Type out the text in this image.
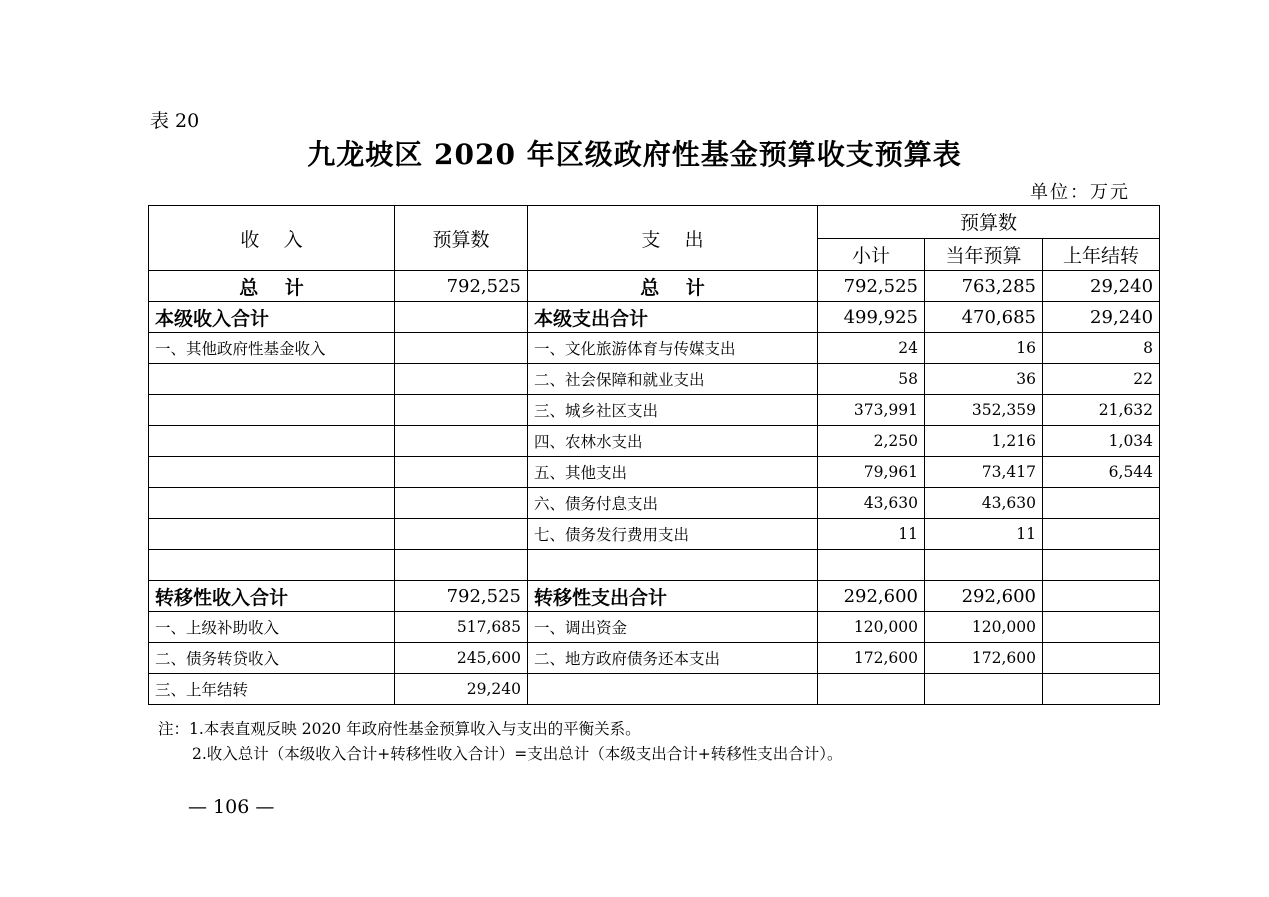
表 20
九龙坡区 2020 年区级政府性基金预算收支预算表
单位：万元
收    入	预算数	支    出	预算数		
			小计	当年预算	上年结转
总    计	792,525	总    计	792,525	763,285	29,240
本级收入合计		本级支出合计	499,925	470,685	29,240
一、其他政府性基金收入		一、文化旅游体育与传媒支出	24	16	8
		二、社会保障和就业支出	58	36	22
		三、城乡社区支出	373,991	352,359	21,632
		四、农林水支出	2,250	1,216	1,034
		五、其他支出	79,961	73,417	6,544
		六、债务付息支出	43,630	43,630	
		七、债务发行费用支出	11	11	

转移性收入合计	792,525	转移性支出合计	292,600	292,600	
一、上级补助收入	517,685	一、调出资金	120,000	120,000	
二、债务转贷收入	245,600	二、地方政府债务还本支出	172,600	172,600	
三、上年结转	29,240				
注：1.本表直观反映 2020 年政府性基金预算收入与支出的平衡关系。
2.收入总计（本级收入合计+转移性收入合计）=支出总计（本级支出合计+转移性支出合计）。
— 106 —
